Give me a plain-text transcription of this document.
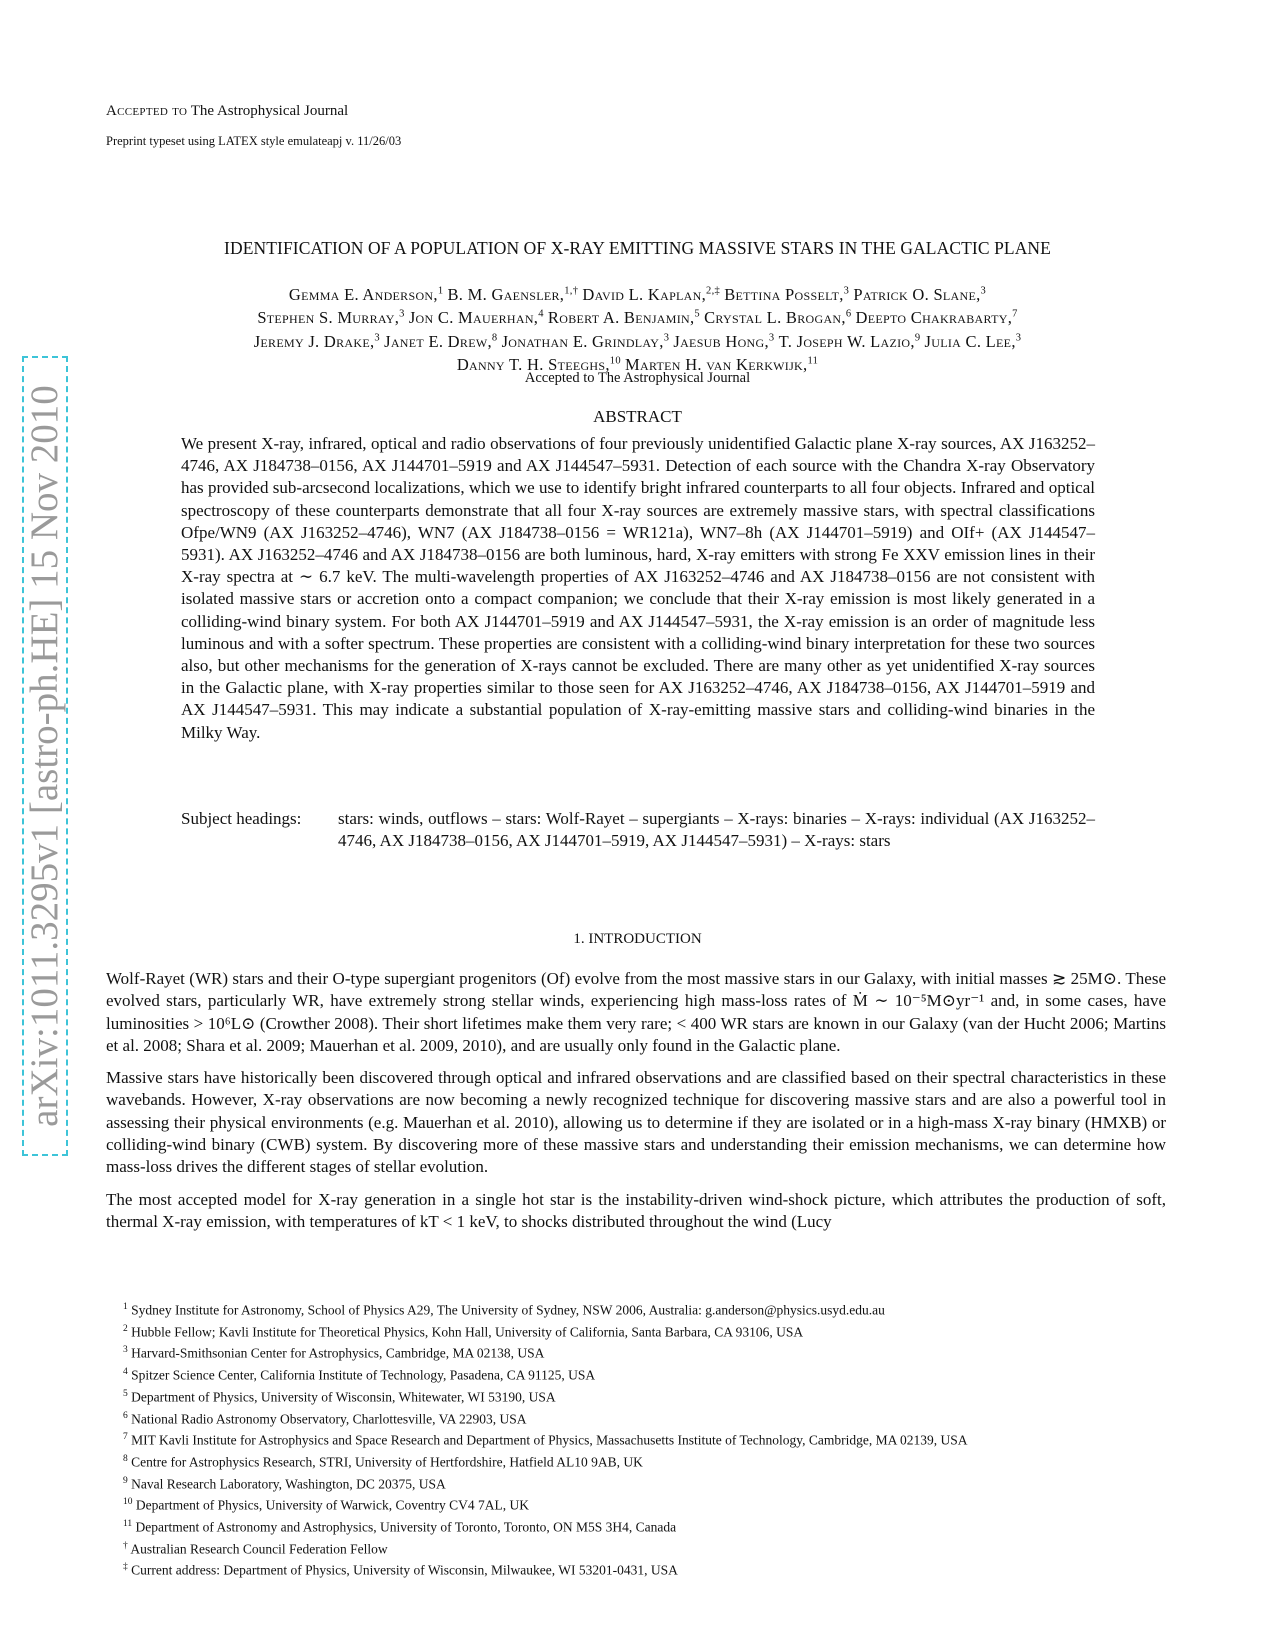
Accepted to The Astrophysical Journal
Preprint typeset using LATEX style emulateapj v. 11/26/03
arXiv:1011.3295v1 [astro-ph.HE] 15 Nov 2010
IDENTIFICATION OF A POPULATION OF X-RAY EMITTING MASSIVE STARS IN THE GALACTIC PLANE
Gemma E. Anderson,$^1$ B. M. Gaensler,$^{1,\dagger}$ David L. Kaplan,$^{2,\ddagger}$ Bettina Posselt,$^3$ Patrick O. Slane,$^3$
Stephen S. Murray,$^3$ Jon C. Mauerhan,$^4$ Robert A. Benjamin,$^5$ Crystal L. Brogan,$^6$ Deepto Chakrabarty,$^7$
Jeremy J. Drake,$^3$ Janet E. Drew,$^8$ Jonathan E. Grindlay,$^3$ Jaesub Hong,$^3$ T. Joseph W. Lazio,$^9$ Julia C. Lee,$^3$
Danny T. H. Steeghs,$^{10}$ Marten H. van Kerkwijk,$^{11}$
Accepted to The Astrophysical Journal
ABSTRACT
We present X-ray, infrared, optical and radio observations of four previously unidentified Galactic plane X-ray sources, AX J163252–4746, AX J184738–0156, AX J144701–5919 and AX J144547–5931. Detection of each source with the Chandra X-ray Observatory has provided sub-arcsecond localizations, which we use to identify bright infrared counterparts to all four objects. Infrared and optical spectroscopy of these counterparts demonstrate that all four X-ray sources are extremely massive stars, with spectral classifications Ofpe/WN9 (AX J163252–4746), WN7 (AX J184738–0156 = WR121a), WN7–8h (AX J144701–5919) and OIf+ (AX J144547–5931). AX J163252–4746 and AX J184738–0156 are both luminous, hard, X-ray emitters with strong Fe XXV emission lines in their X-ray spectra at ∼ 6.7 keV. The multi-wavelength properties of AX J163252–4746 and AX J184738–0156 are not consistent with isolated massive stars or accretion onto a compact companion; we conclude that their X-ray emission is most likely generated in a colliding-wind binary system. For both AX J144701–5919 and AX J144547–5931, the X-ray emission is an order of magnitude less luminous and with a softer spectrum. These properties are consistent with a colliding-wind binary interpretation for these two sources also, but other mechanisms for the generation of X-rays cannot be excluded. There are many other as yet unidentified X-ray sources in the Galactic plane, with X-ray properties similar to those seen for AX J163252–4746, AX J184738–0156, AX J144701–5919 and AX J144547–5931. This may indicate a substantial population of X-ray-emitting massive stars and colliding-wind binaries in the Milky Way.
Subject headings: stars: winds, outflows – stars: Wolf-Rayet – supergiants – X-rays: binaries – X-rays: individual (AX J163252–4746, AX J184738–0156, AX J144701–5919, AX J144547–5931) – X-rays: stars
1. INTRODUCTION

Wolf-Rayet (WR) stars and their O-type supergiant progenitors (Of) evolve from the most massive stars in our Galaxy, with initial masses ≳ 25M⊙. These evolved stars, particularly WR, have extremely strong stellar winds, experiencing high mass-loss rates of Ṁ ∼ 10⁻⁵M⊙yr⁻¹ and, in some cases, have luminosities > 10⁶L⊙ (Crowther 2008). Their short lifetimes make them very rare; < 400 WR stars are known in our Galaxy (van der Hucht 2006; Martins et al. 2008; Shara et al. 2009; Mauerhan et al. 2009, 2010), and are usually only found in the Galactic plane.

Massive stars have historically been discovered through optical and infrared observations and are classified based on their spectral characteristics in these wavebands. However, X-ray observations are now becoming a newly recognized technique for discovering massive stars and are also a powerful tool in assessing their physical environments (e.g. Mauerhan et al. 2010), allowing us to determine if they are isolated or in a high-mass X-ray binary (HMXB) or colliding-wind binary (CWB) system. By discovering more of these massive stars and understanding their emission mechanisms, we can determine how mass-loss drives the different stages of stellar evolution.

The most accepted model for X-ray generation in a single hot star is the instability-driven wind-shock picture, which attributes the production of soft, thermal X-ray emission, with temperatures of kT < 1 keV, to shocks distributed throughout the wind (Lucy

$^1$ Sydney Institute for Astronomy, School of Physics A29, The University of Sydney, NSW 2006, Australia: g.anderson@physics.usyd.edu.au
$^2$ Hubble Fellow; Kavli Institute for Theoretical Physics, Kohn Hall, University of California, Santa Barbara, CA 93106, USA
$^3$ Harvard-Smithsonian Center for Astrophysics, Cambridge, MA 02138, USA
$^4$ Spitzer Science Center, California Institute of Technology, Pasadena, CA 91125, USA
$^5$ Department of Physics, University of Wisconsin, Whitewater, WI 53190, USA
$^6$ National Radio Astronomy Observatory, Charlottesville, VA 22903, USA
$^7$ MIT Kavli Institute for Astrophysics and Space Research and Department of Physics, Massachusetts Institute of Technology, Cambridge, MA 02139, USA
$^8$ Centre for Astrophysics Research, STRI, University of Hertfordshire, Hatfield AL10 9AB, UK
$^9$ Naval Research Laboratory, Washington, DC 20375, USA
$^{10}$ Department of Physics, University of Warwick, Coventry CV4 7AL, UK
$^{11}$ Department of Astronomy and Astrophysics, University of Toronto, Toronto, ON M5S 3H4, Canada
† Australian Research Council Federation Fellow
‡ Current address: Department of Physics, University of Wisconsin, Milwaukee, WI 53201-0431, USA
